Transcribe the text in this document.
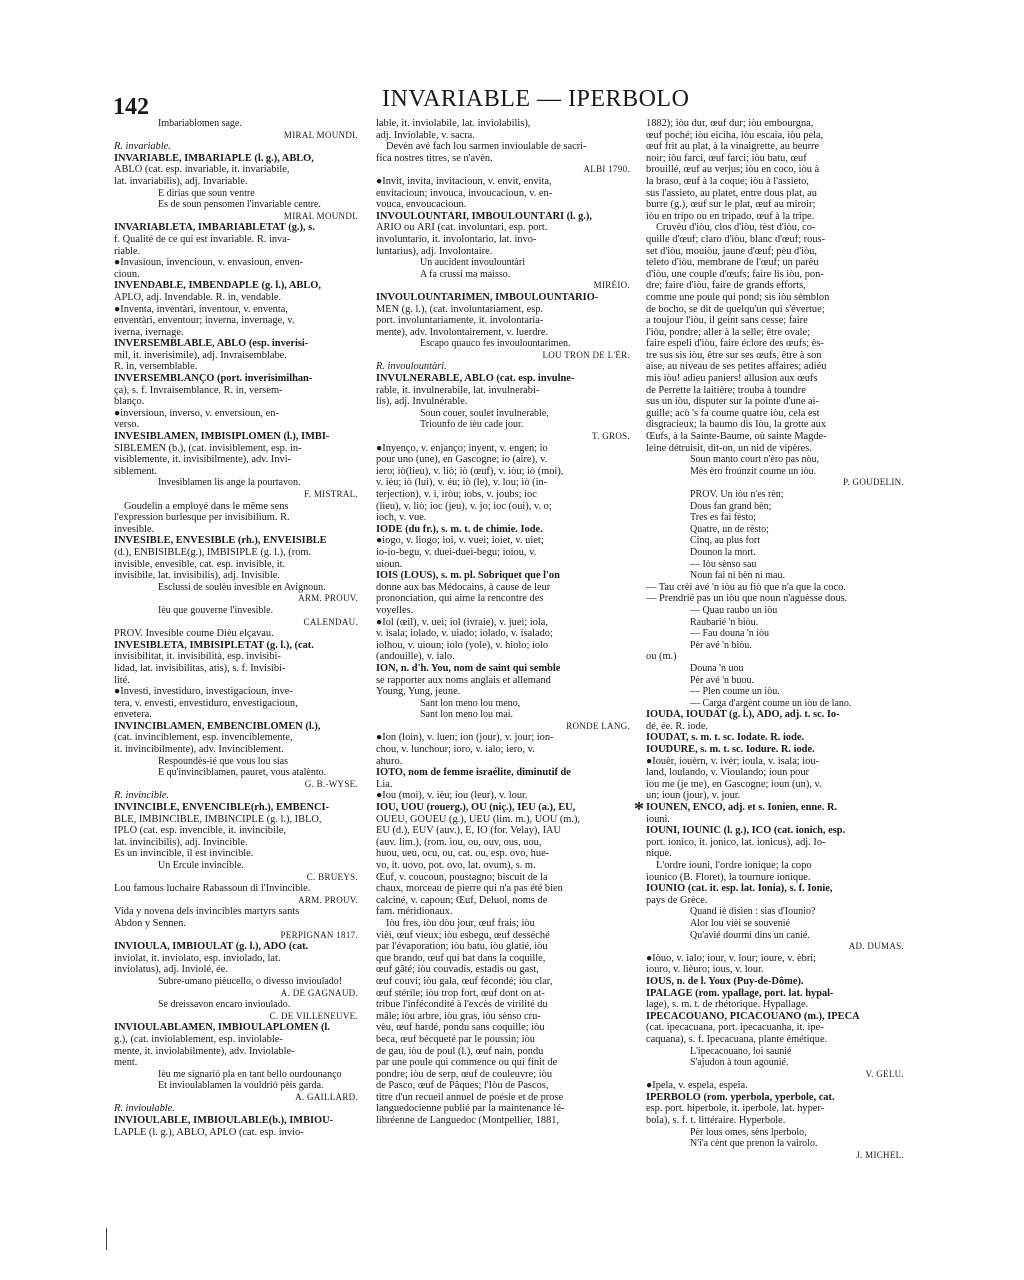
142	INVARIABLE — IPERBOLO
Imbariablomen sage.
MIRAL MOUNDI.
R. invariable.
INVARIABLE, IMBARIAPLE (l. g.), ABLO,
ABLO (cat. esp. invariable, it. invariabile,
lat. invariabilis), adj. Invariable.
E dirias que soun ventre
Es de soun pensomen l'invariable centre.
MIRAL MOUNDI.
INVARIABLETA, IMBARIABLETAT (g.), s.
f. Qualité de ce qui est invariable. R. inva-
riable.
●Invasioun, invencioun, v. envasioun, enven-
cioun.
INVENDABLE, IMBENDAPLE (g. l.), ABLO,
APLO, adj. Invendable. R. in, vendable.
●Inventa, inventàri, inventour, v. enventa,
enventàri, enventour; inverna, invernage, v.
iverna, ivernage.
INVERSEMBLABLE, ABLO (esp. inverisi-
mil, it. inverisimile), adj. Invraisemblabe.
R. in, versemblable.
INVERSEMBLANÇO (port. inverisimilhan-
ça), s. f. Invraisemblance. R. in, versem-
blanço.
●inversioun, inverso, v. enversioun, en-
verso.
INVESIBLAMEN, IMBISIPLOMEN (l.), IMBI-
SIBLEMEN (b.), (cat. invisiblement, esp. in-
visiblemente, it. invisibilmente), adv. Invi-
siblement.
Invesiblamen lis ange la pourtavon.
F. MISTRAL.
Goudelin a employé dans le même sens
l'expression burlesque per invisibilium. R.
invesible.
INVESIBLE, ENVESIBLE (rh.), ENVEISIBLE
(d.), ENBISIBLE(g.), IMBISIPLE (g. l.), (rom.
invisible, envesible, cat. esp. invisible, it.
invisibile, lat. invisibilis), adj. Invisible.
Esclussi de soulèu invesible en Avignoun.
ARM. PROUV.
Ièu que gouverne l'invesible.
CALENDAU.
PROV. Invesible coume Dièu elçavau.
INVESIBLETA, IMBISIPLETAT (g. l.), (cat.
invisibilitat, it. invisibilità, esp. invisibi-
lidad, lat. invisibilitas, atis), s. f. Invisibi-
lité.
●Investi, investiduro, investigacioun, inve-
tera, v. envesti, envestiduro, envestigacioun,
envetera.
INVINCIBLAMEN, EMBENCIBLOMEN (l.),
(cat. invinciblement, esp. invenciblemente,
it. invincibilmente), adv. Invinciblement.
Respoundès-ié que vous lou sias
E qu'invinciblamen, pauret, vous atalènto.
G. B.-WYSE.
R. invincible.
INVINCIBLE, ENVENCIBLE(rh.), EMBENCI-
BLE, IMBINCIBLE, IMBINCIPLE (g. l.), IBLO,
IPLO (cat. esp. invencible, it. invincibile,
lat. invincibilis), adj. Invincible.
Es un invincible, il est invincible.
Un Ercule invincible.
C. BRUEYS.
Lou famous luchaire Rabassoun di l'Invincible.
ARM. PROUV.
Vida y novena dels invincibles martyrs sants
Abdon y Sennen.
PERPIGNAN 1817.
INVIOULA, IMBIOULAT (g. l.), ADO (cat.
inviolat, it. inviolato, esp. inviolado, lat.
inviolatus), adj. Inviolé, ée.
Subre-umano pièucello, o divesso invioulado!
A. DE GAGNAUD.
Se dreissavon encaro invioulado.
C. DE VILLENEUVE.
INVIOULABLAMEN, IMBIOULAPLOMEN (l.
g.), (cat. inviolablement, esp. inviolable-
mente, it. inviolabilmente), adv. Inviolable-
ment.
Ièu me signarió pla en tant bello ourdounanço
Et invioulablamen la vouldrió pèis garda.
A. GAILLARD.
R. invioulable.
INVIOULABLE, IMBIOULABLE(b.), IMBIOU-
LAPLE (l. g.), ABLO, APLO (cat. esp. invio-
lable, it. inviolabile, lat. inviolabilis),
adj. Inviolable, v. sacra.
Devèn avé fach lou sarmen invioulable de sacri-
fica nostres titres, se n'avèn.
ALBI 1790.
●Invit, invita, invitacioun, v. envit, envita,
envitacioun; invouca, invoucacioun, v. en-
vouca, envoucacioun.
INVOULOUNTÀRI, IMBOULOUNTÀRI (l. g.),
ÀRIO ou ÀRI (cat. involuntari, esp. port.
involuntario, it. involontario, lat. invo-
luntarius), adj. Involontaire.
Un aucident invoulountàri
A fa crussi ma maisso.
MIRÈIO.
INVOULOUNTARIMEN, IMBOULOUNTARIO-
MEN (g. l.), (cat. involuntariament, esp.
port. involuntariamente, it. involontaria-
mente), adv. Involontairement, v. luerdre.
Escapo quauco fes invoulountarimen.
LOU TRON DE L'ÈR.
R. invoulountàri.
INVULNERABLE, ABLO (cat. esp. invulne-
rable, it. invulnerabile, lat. invulnerabi-
lis), adj. Invulnérable.
Soun couer, soulet invulnerable,
Triounfo de ièu cade jour.
T. GROS.
●Inyenço, v. enjanço; inyent, v. engen; io
pour uno (une), en Gascogne; io (aire), v.
iero; iò(lieu), v. liò; iò (œuf), v. iòu; iò (moi),
v. ièu; iò (lui), v. éu; iò (le), v. lou; iò (in-
terjection), v. i, iròu; iobs, v. joubs; ioc
(lieu), v. liò; ioc (jeu), v. jo; ioc (oui), v. o;
ioch, v. vue.
IODE (du fr.), s. m. t. de chimie. Iode.
●iogo, v. liogo; ioi, v. vuei; ioiet, v. uiet;
io-io-begu, v. duei-duei-begu; ioiou, v.
uioun.
IOIS (LOUS), s. m. pl. Sobriquet que l'on
donne aux bas Médocains, à cause de leur
prononciation, qui aime la rencontre des
voyelles.
●Iol (œil), v. uei; iol (ivraie), v. juei; iola,
v. isala; iolado, v. uiado; iolado, v. isalado;
iolhou, v. uioun; iolo (yole), v. hiolo; iolo
(andouille), v. ialo.
ION, n. d'h. You, nom de saint qui semble
se rapporter aux noms anglais et allemand
Young, Yung, jeune.
Sant lon meno lou meno,
Sant lon meno lou mai.
RONDE LANG.
●Ion (loin), v. luen; ion (jour), v. jour; ion-
chou, v. lunchour; ioro, v. ialo; iero, v.
ahuro.
IOTO, nom de femme israélite, diminutif de
Lia.
●Iou (moi), v. ièu; iou (leur), v. lour.
IÒU, UÒU (rouerg.), ÒU (niç.), IÉU (a.), ÉU,
OUÉU, GOUÉU (g.), UÈU (lim. m.), UOU (m.),
ÈU (d.), EUV (auv.), È, IÒ (for. Velay), IAU
(auv. lim.), (rom. iou, ou, ouv, ous, uou,
huou, ueu, ocu, ou, cat. ou, esp. ovo, hue-
vo, it. uovo, pot. ovo, lat. ovum), s. m.
Œuf, v. coucoun, poustagno; biscuit de la
chaux, morceau de pierre qui n'a pas été bien
calciné, v. capoun; Œuf, Deluol, noms de
fam. méridionaux.
Iòu fres, iòu dòu jour, œuf frais; iòu
vièi, œuf vieux; iòu esbegu, œuf desséché
par l'évaporation; iòu batu, iòu glatié, iòu
que brando, œuf qui bat dans la coquille,
œuf gâté; iòu couvadis, estadis ou gast,
œuf couvi; iòu gala, œuf fécondé; iòu clar,
œuf stérile; iòu trop fort, œuf dont on at-
tribue l'infécondité à l'excès de virilité du
mâle; iòu arbre, iòu gras, iòu sènso cru-
vèu, œuf hardé, pondu sans coquille; iòu
beca, œuf bécqueté par le poussin; iòu
de gau, iòu de poul (l.), œuf nain, pondu
par une poule qui commence ou qui finit de
pondre; iòu de serp, œuf de couleuvre; iòu
de Pasco, œuf de Pâques; l'Iòu de Pascos,
titre d'un recueil annuel de poésie et de prose
languedocienne publié par la maintenance lé-
libréenne de Languedoc (Montpellier, 1881,
1882); iòu dur, œuf dur; iòu embourgna,
œuf poché; iòu eiciha, iòu escaia, iòu pela,
œuf frit au plat, à la vinaigrette, au beurre
noir; iòu farci, œuf farci; iòu batu, œuf
brouillé, œuf au verjus; iòu en coco, iòu à
la braso, œuf à la coque; iòu à l'assieto,
sus l'assieto, au platet, entre dous plat, au
burre (g.), œuf sur le plat, œuf au miroir;
iòu en tripo ou en tripado, œuf à la tripe.
Cruvèu d'iòu, clos d'iòu, tèst d'iòu, co-
quille d'œuf; claro d'iòu, blanc d'œuf; rous-
set d'iòu, mouiòu, jaune d'œuf; pèu d'iòu,
teleto d'iòu, membrane de l'œuf; un parèu
d'iòu, une couple d'œufs; faire lis iòu, pon-
dre; faire d'iòu, faire de grands efforts,
comme une poule qui pond; sis iòu sèmblon
de bocho, se dit de quelqu'un qui s'évertue;
a toujour l'iòu, il geint sans cesse; faire
l'iòu, pondre; aller à la selle; être ovale;
faire espeli d'iòu, faire éclore des œufs; ès-
tre sus sis iòu, être sur ses œufs, être à son
aise, au niveau de ses petites affaires; adiéu
mis iòu! adieu paniers! allusion aux œufs
de Perrette la laitière; trouba à toundre
sus un iòu, disputer sur la pointe d'une ai-
guille; acò 's fa coume quatre iòu, cela est
disgracieux; la baumo dis Iòu, la grotte aux
Œufs, à la Sainte-Baume, où sainte Magde-
leine détruisit, dit-on, un nid de vipères.
Soun manto court n'èro pas nòu,
Mès èro froúnzit coume un iòu.
P. GOUDELIN.
PROV. Un iòu n'es rèn;
Dous fan grand bèn;
Tres es fai fèsto;
Quatre, un de rèsto;
Cinq, au plus fort
Dounon la mort.
— Iòu sènso sau
Noun fai ni bèn ni mau.
— Tau crèi avé 'n iòu au fiò que n'a que la coco.
— Prendrié pas un iòu que noun n'aguèsse dous.
— Quau raubo un iòu
Raubarié 'n biòu.
— Fau douna 'n iòu
Pèr avé 'n biòu.
ou (m.)
Douna 'n uou
Pèr avé 'n buou.
— Plen coume un iòu.
— Carga d'argènt coume un iòu de lano.
IOUDA, IOUDAT (g. l.), ADO, adj. t. sc. Io-
dé, ée. R. iode.
IOUDAT, s. m. t. sc. Iodate. R. iode.
IOUDURE, s. m. t. sc. Iodure. R. iode.
●Iouèr, iouèrn, v. ivèr; ioula, v. isala; iou-
land, loulando, v. Vioulando; ioun pour
iou me (je me), en Gascogne; ioun (un), v.
un; ioun (jour), v. jour.
IOUNEN, ENCO, adj. et s. Ionien, enne. R.
iouni.
IOUNI, IOUNIC (l. g.), ICO (cat. ionich, esp.
port. ionico, it. jonico, lat. ionicus), adj. Io-
nique.
L'ordre iouni, l'ordre ionique; la copo
iounico (B. Floret), la tournure ionique.
IOUNIO (cat. it. esp. lat. Ionia), s. f. Ionie,
pays de Grèce.
Quand iè disien : sias d'Iounio?
Alor lou vièi se souvenié
Qu'avié dourmi dins un canié.
AD. DUMAS.
●Iòuo, v. ialo; iour, v. lour; ioure, v. èbri;
iouro, v. lièuro; ious, v. lour.
IOUS, n. de l. Youx (Puy-de-Dôme).
IPALAGE (rom. ypallage, port. lat. hypal-
lage), s. m. t. de rhétorique. Hypallage.
IPECACOUANO, PICACOUANO (m.), IPECA
(cat. ipecacuana, port. ipecacuanha, it. ipe-
caquana), s. f. Ipecacuana, plante émétique.
L'ipecacouano, loi saunié
S'ajudon à toun agounié.
V. GELU.
●Ipela, v. espela, espeia.
IPERBOLO (rom. yperbola, yperbole, cat.
esp. port. hiperbole, it. iperbole, lat. hyper-
bola), s. f. t. littéraire. Hyperbole.
Pèr lous omes, sèns lperbolo,
N'i'a cènt que prenon la vairolo.
J. MICHEL.
*
